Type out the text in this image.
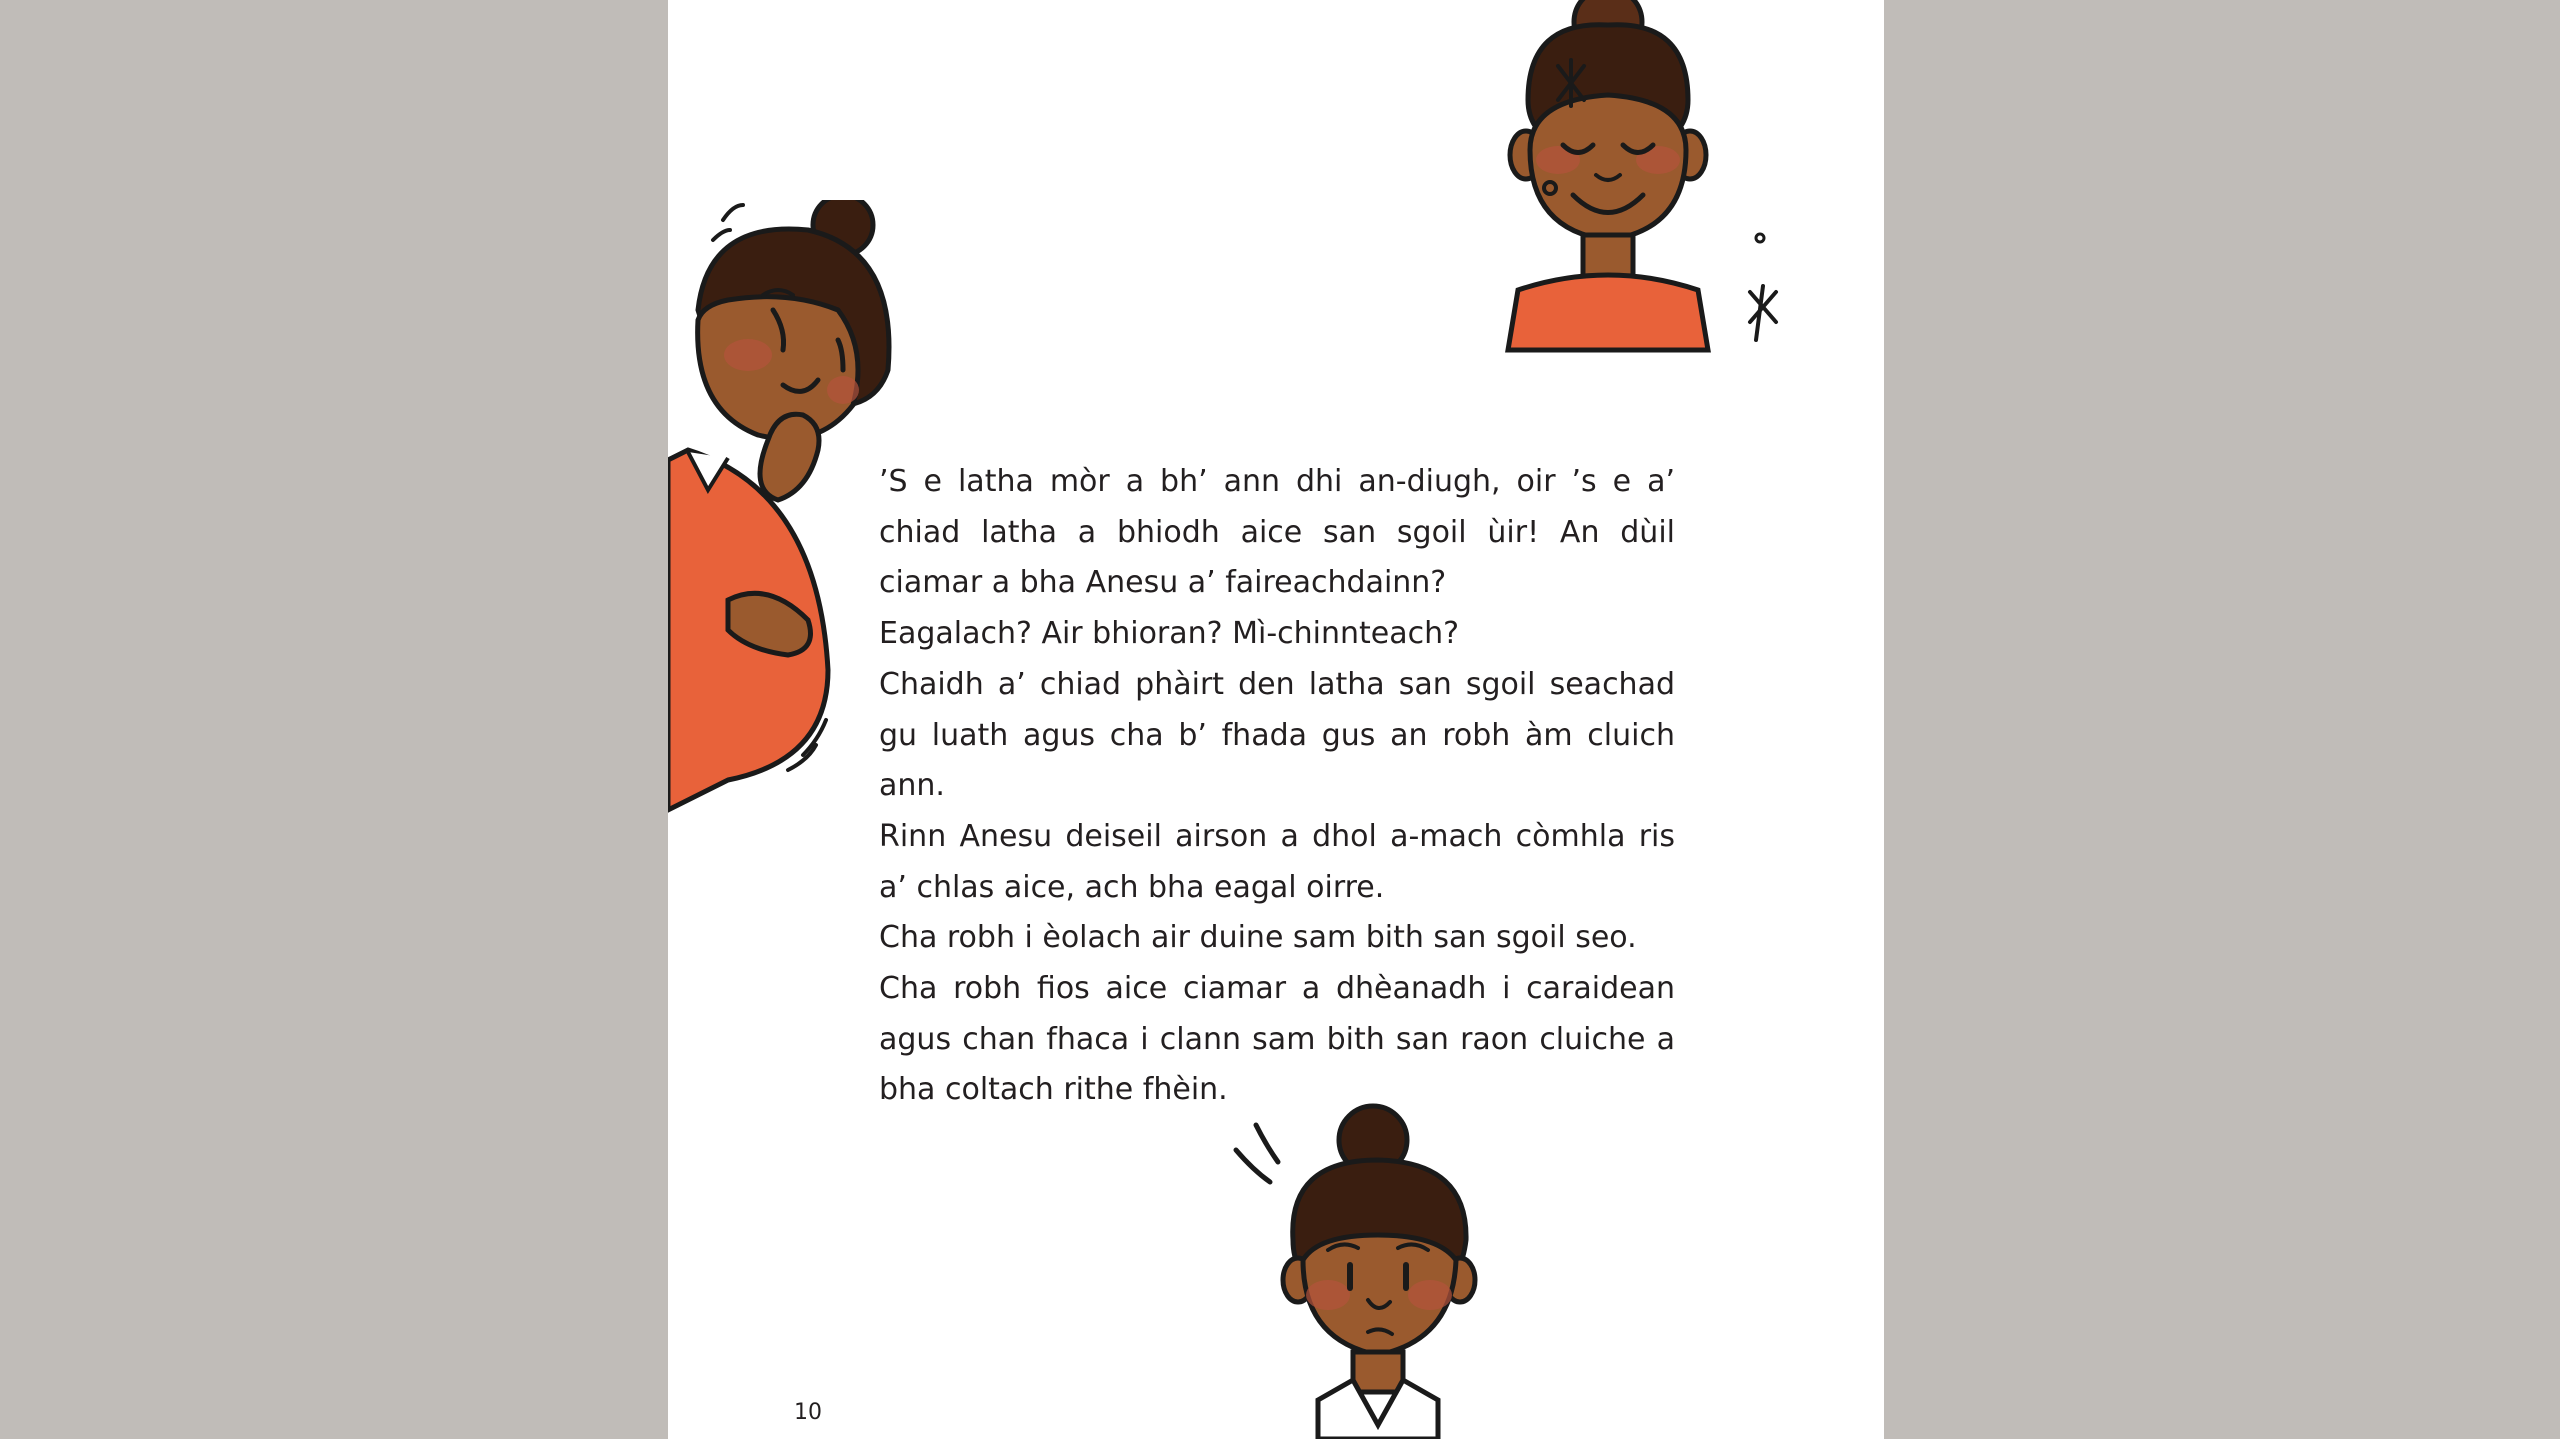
’S e latha mòr a bh’ ann dhi an-diugh, oir ’s e a’ chiad latha a bhiodh aice san sgoil ùir! An dùil ciamar a bha Anesu a’ faireachdainn?

Eagalach? Air bhioran? Mì-chinnteach?

Chaidh a’ chiad phàirt den latha san sgoil seachad gu luath agus cha b’ fhada gus an robh àm cluich ann.

Rinn Anesu deiseil airson a dhol a-mach còmhla ris a’ chlas aice, ach bha eagal oirre.

Cha robh i èolach air duine sam bith san sgoil seo.

Cha robh fios aice ciamar a dhèanadh i caraidean agus chan fhaca i clann sam bith san raon cluiche a bha coltach rithe fhèin.

10
